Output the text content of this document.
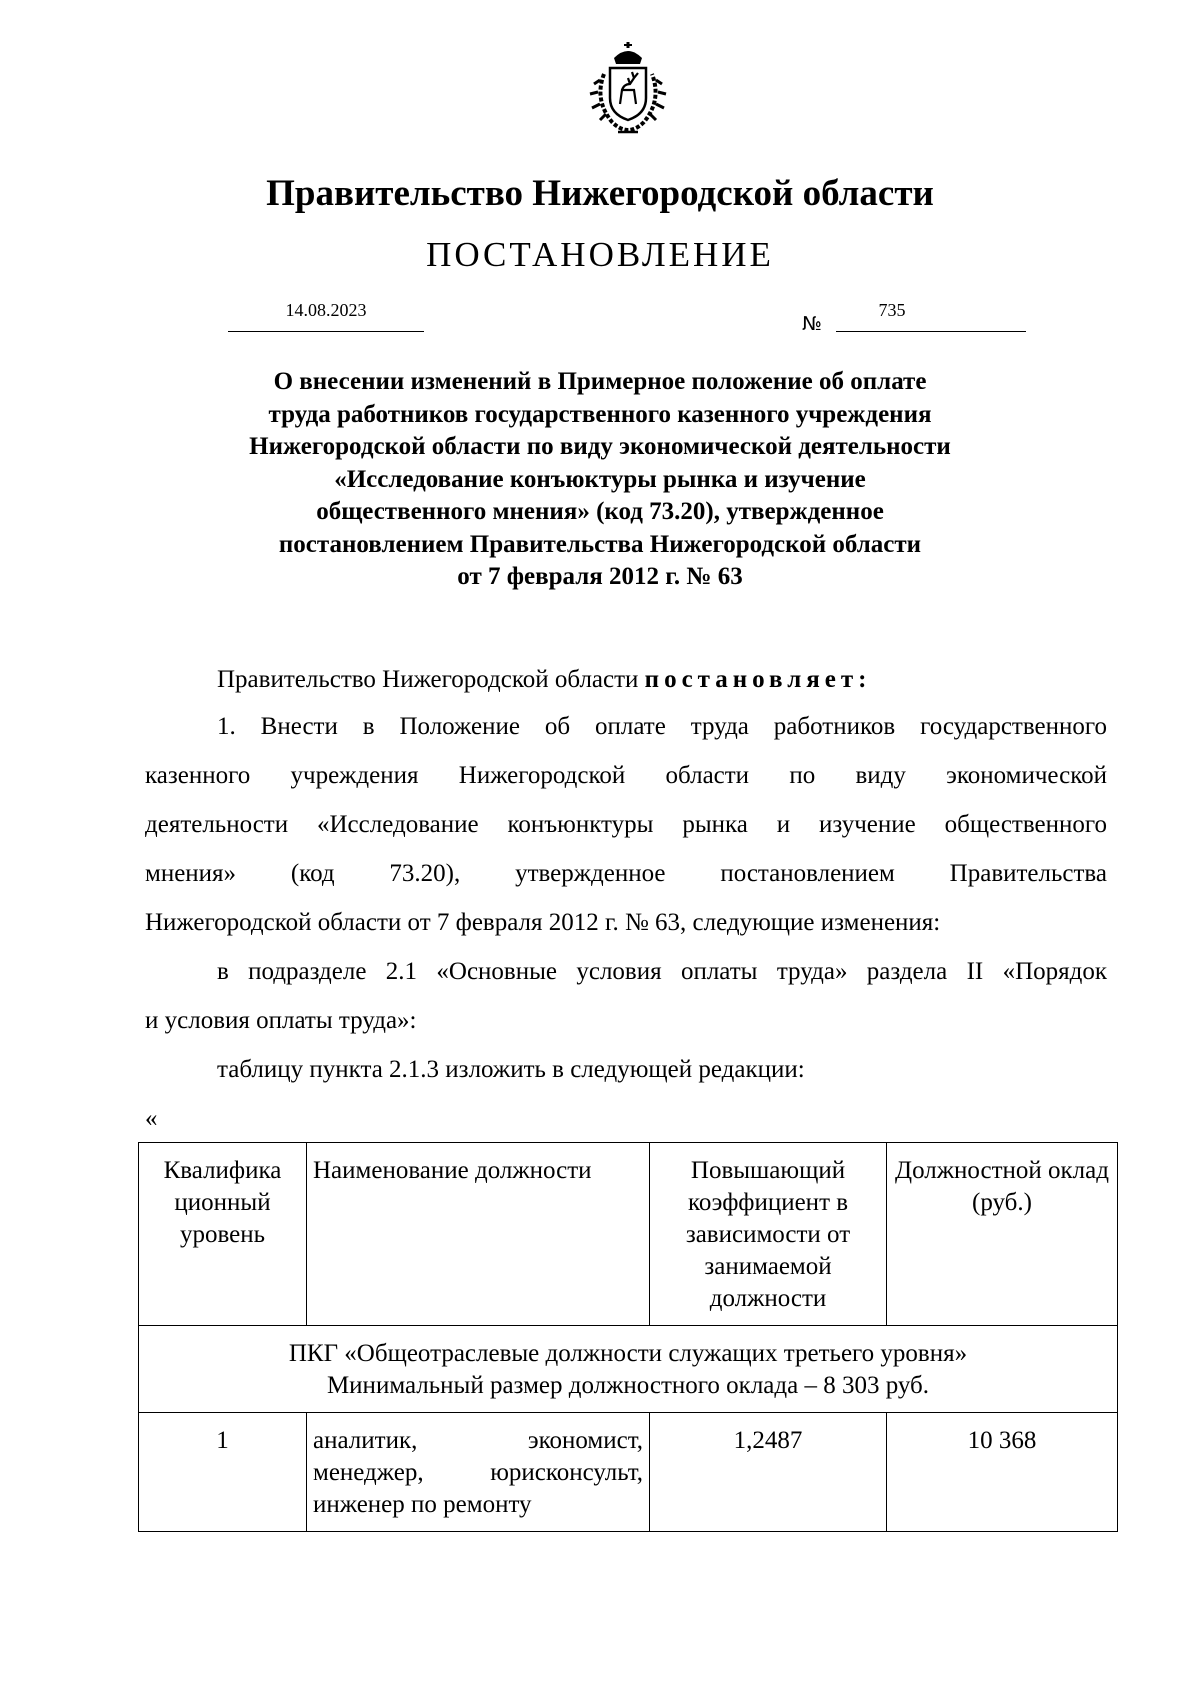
Правительство Нижегородской области
ПОСТАНОВЛЕНИЕ
14.08.2023
№
735
О внесении изменений в Примерное положение об оплате
труда работников государственного казенного учреждения
Нижегородской области по виду экономической деятельности
«Исследование конъюктуры рынка и изучение
общественного мнения» (код 73.20), утвержденное
постановлением Правительства Нижегородской области
от 7 февраля 2012 г. № 63
Правительство Нижегородской области постановляет:
1. Внести в Положение об оплате труда работников государственного
казенного учреждения Нижегородской области по виду экономической
деятельности «Исследование конъюнктуры рынка и изучение общественного
мнения» (код 73.20), утвержденное постановлением Правительства
Нижегородской области от 7 февраля 2012 г. № 63, следующие изменения:
в подразделе 2.1 «Основные условия оплаты труда» раздела II «Порядок
и условия оплаты труда»:
таблицу пункта 2.1.3 изложить в следующей редакции:
«
Квалифика ционный уровень	Наименование должности	Повышающий коэффициент в зависимости от занимаемой должности	Должностной оклад (руб.)

ПКГ «Общеотраслевые должности служащих третьего уровня»
Минимальный размер должностного оклада – 8 303 руб.			

1	аналитик, экономист,
менеджер, юрисконсульт,
инженер по ремонту	1,2487	10 368
